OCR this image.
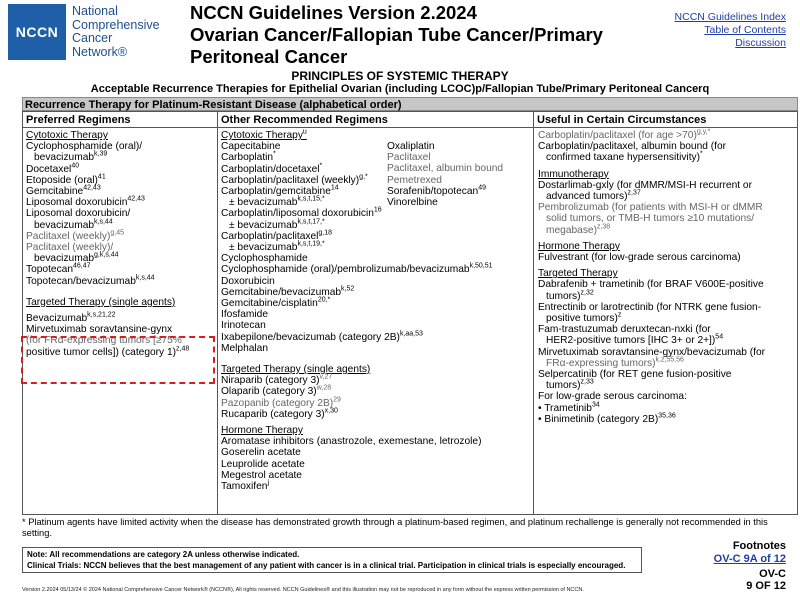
NCCN
National
Comprehensive
Cancer
Network®
NCCN Guidelines Version 2.2024
Ovarian Cancer/Fallopian Tube Cancer/Primary
Peritoneal Cancer
NCCN Guidelines Index
Table of Contents
Discussion
PRINCIPLES OF SYSTEMIC THERAPY
Acceptable Recurrence Therapies for Epithelial Ovarian (including LCOC)p/Fallopian Tube/Primary Peritoneal Cancerq
Recurrence Therapy for Platinum-Resistant Disease (alphabetical order)
Preferred Regimens	Other Recommended Regimens	Useful in Certain Circumstances
Cytotoxic Therapy
Cyclophosphamide (oral)/
bevacizumab$^{k,39}$
Docetaxel$^{40}$
Etoposide (oral)$^{41}$
Gemcitabine$^{42,43}$
Liposomal doxorubicin$^{42,43}$
Liposomal doxorubicin/
bevacizumab$^{k,s,44}$
Paclitaxel (weekly)$^{g,45}$
Paclitaxel (weekly)/
bevacizumab$^{g,k,s,44}$
Topotecan$^{46,47}$
Topotecan/bevacizumab$^{k,s,44}$
Targeted Therapy (single agents)
Bevacizumab$^{k,s,21,22}$
Mirvetuximab soravtansine-gynx
(for FRα-expressing tumors [≥75%
positive tumor cells]) (category 1)$^{z,48}$
Cytotoxic Therapy$^u$
Capecitabine
Carboplatin*
Carboplatin/docetaxel*
Carboplatin/paclitaxel (weekly)$^{g,*}$
Carboplatin/gemcitabine$^{14}$
± bevacizumab$^{k,s,t,15,*}$
Carboplatin/liposomal doxorubicin$^{16}$
± bevacizumab$^{k,s,t,17,*}$
Carboplatin/paclitaxel$^{g,18}$
± bevacizumab$^{k,s,t,19,*}$
Cyclophosphamide
Cyclophosphamide (oral)/pembrolizumab/bevacizumab$^{k,50,51}$
Doxorubicin
Gemcitabine/bevacizumab$^{k,52}$
Gemcitabine/cisplatin$^{20,*}$
Ifosfamide
Irinotecan
Ixabepilone/bevacizumab (category 2B)$^{k,aa,53}$
Melphalan
Targeted Therapy (single agents)
Niraparib (category 3)$^{v,27}$
Olaparib (category 3)$^{w,28}$
Pazopanib (category 2B)$^{29}$
Rucaparib (category 3)$^{x,30}$
Hormone Therapy
Aromatase inhibitors (anastrozole, exemestane, letrozole)
Goserelin acetate
Leuprolide acetate
Megestrol acetate
Tamoxifen$^j$
Oxaliplatin
Paclitaxel
Paclitaxel, albumin bound
Pemetrexed
Sorafenib/topotecan$^{49}$
Vinorelbine
Carboplatin/paclitaxel (for age >70)$^{g,y,*}$
Carboplatin/paclitaxel, albumin bound (for
confirmed taxane hypersensitivity)*
Immunotherapy
Dostarlimab-gxly (for dMMR/MSI-H recurrent or
advanced tumors)$^{z,37}$
Pembrolizumab (for patients with MSI-H or dMMR
solid tumors, or TMB-H tumors ≥10 mutations/
megabase)$^{z,38}$
Hormone Therapy
Fulvestrant (for low-grade serous carcinoma)
Targeted Therapy
Dabrafenib + trametinib (for BRAF V600E-positive
tumors)$^{z,32}$
Entrectinib or larotrectinib (for NTRK gene fusion-
positive tumors)$^z$
Fam-trastuzumab deruxtecan-nxki (for
HER2-positive tumors [IHC 3+ or 2+])$^{54}$
Mirvetuximab soravtansine-gynx/bevacizumab (for
FRα-expressing tumors)$^{k,z,55,56}$
Selpercatinib (for RET gene fusion-positive
tumors)$^{z,33}$
For low-grade serous carcinoma:
• Trametinib$^{34}$
• Binimetinib (category 2B)$^{35,36}$
* Platinum agents have limited activity when the disease has demonstrated growth through a platinum-based regimen, and platinum rechallenge is generally not recommended in this setting.
Footnotes
OV-C 9A of 12
Note: All recommendations are category 2A unless otherwise indicated.
Clinical Trials: NCCN believes that the best management of any patient with cancer is in a clinical trial. Participation in clinical trials is especially encouraged.
OV-C
9 OF 12
Version 2.2024 05/13/24 © 2024 National Comprehensive Cancer Network® (NCCN®), All rights reserved. NCCN Guidelines® and this illustration may not be reproduced in any form without the express written permission of NCCN.
